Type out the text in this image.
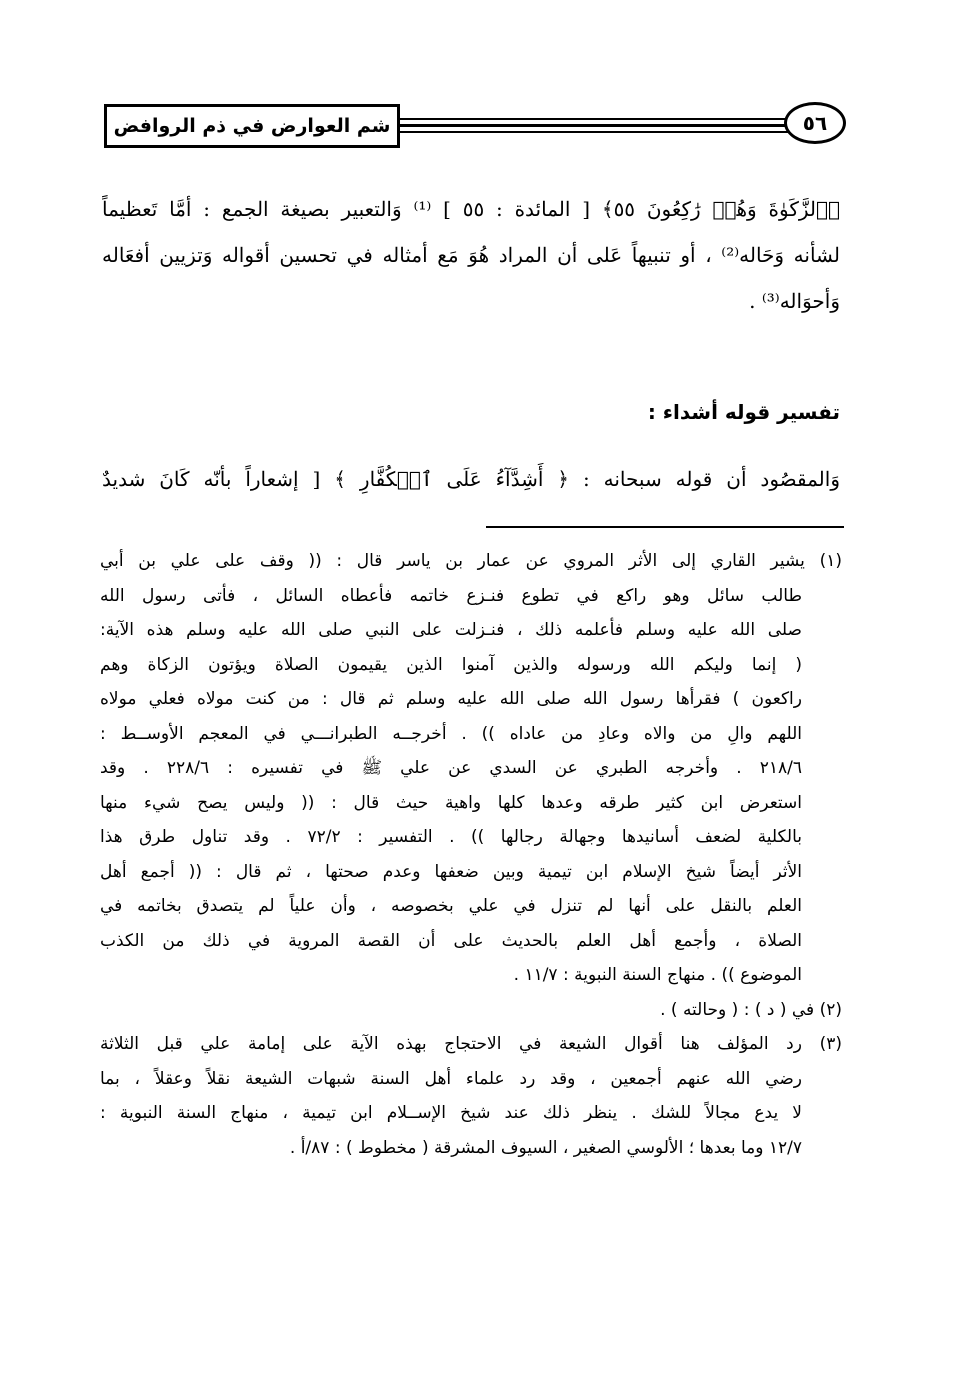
شم العوارض في ذم الروافض	٥٦
﴿ٱلزَّكَوٰةَ وَهُمۡ رَٰكِعُونَ ٥٥﴾ [ المائدة : ٥٥ ] ⁽¹⁾ وَالتعبير بصيغة الجمع : أمَّا تَعظيماً
لشأنه وَحَاله⁽²⁾ ، أو تنبيهاً عَلى أن المراد هُوَ مَع أمثاله في تحسين أقواله وَتزيين أفعَاله
وَأحوَاله⁽³⁾ .
تفسير قوله أشداء :
وَالمقصُود أن قوله سبحانه : ﴿ أَشِدَّآءُ عَلَى ٱلۡكُفَّارِ ﴾ [ إشعاراً بأنّه كَانَ شديدٌ
(١) يشير القاري إلى الأثر المروي عن عمار بن ياسر قال : (( وقف على علي بن أبي
طالب سائل وهو راكع في تطوع فنـزع خاتمه فأعطاه السائل ، فأتى رسول الله
صلى الله عليه وسلم فأعلمه ذلك ، فنـزلت على النبي صلى الله عليه وسلم هذه الآية:
( إنما وليكم الله ورسوله والذين آمنوا الذين يقيمون الصلاة ويؤتون الزكاة وهم
راكعون ) فقرأها رسول الله صلى الله عليه وسلم ثم قال : من كنت مولاه فعلي مولاه
اللهم والِ من والاه وعادِ من عاداه )) . أخرجــه الطبرانـــي في المعجم الأوســط :
٢١٨/٦ . وأخرجه الطبري عن السدي عن علي ﷺ في تفسيره : ٢٢٨/٦ . وقد
استعرض ابن كثير طرقه وعدها كلها واهية حيث قال : (( وليس يصح شيء منها
بالكلية لضعف أسانيدها وجهالة رجالها )) . التفسير : ٧٢/٢ . وقد تناول طرق هذا
الأثر أيضاً شيخ الإسلام ابن تيمية وبين ضعفها وعدم صحتها ، ثم قال : (( أجمع أهل
العلم بالنقل على أنها لم تنزل في علي بخصوصه ، وأن علياً لم يتصدق بخاتمه في
الصلاة ، وأجمع أهل العلم بالحديث على أن القصة المروية في ذلك من الكذب
الموضوع )) . منهاج السنة النبوية : ١١/٧ .
(٢) في ( د ) : ( وحالته ) .
(٣) رد المؤلف هنا أقوال الشيعة في الاحتجاج بهذه الآية على إمامة علي قبل الثلاثة
رضي الله عنهم أجمعين ، وقد رد علماء أهل السنة شبهات الشيعة نقلاً وعقلاً ، بما
لا يدع مجالاً للشك . ينظر ذلك عند شيخ الإســلام ابن تيمية ، منهاج السنة النبوية :
١٢/٧ وما بعدها ؛ الألوسي الصغير ، السيوف المشرقة ( مخطوط ) : ٨٧/أ .
